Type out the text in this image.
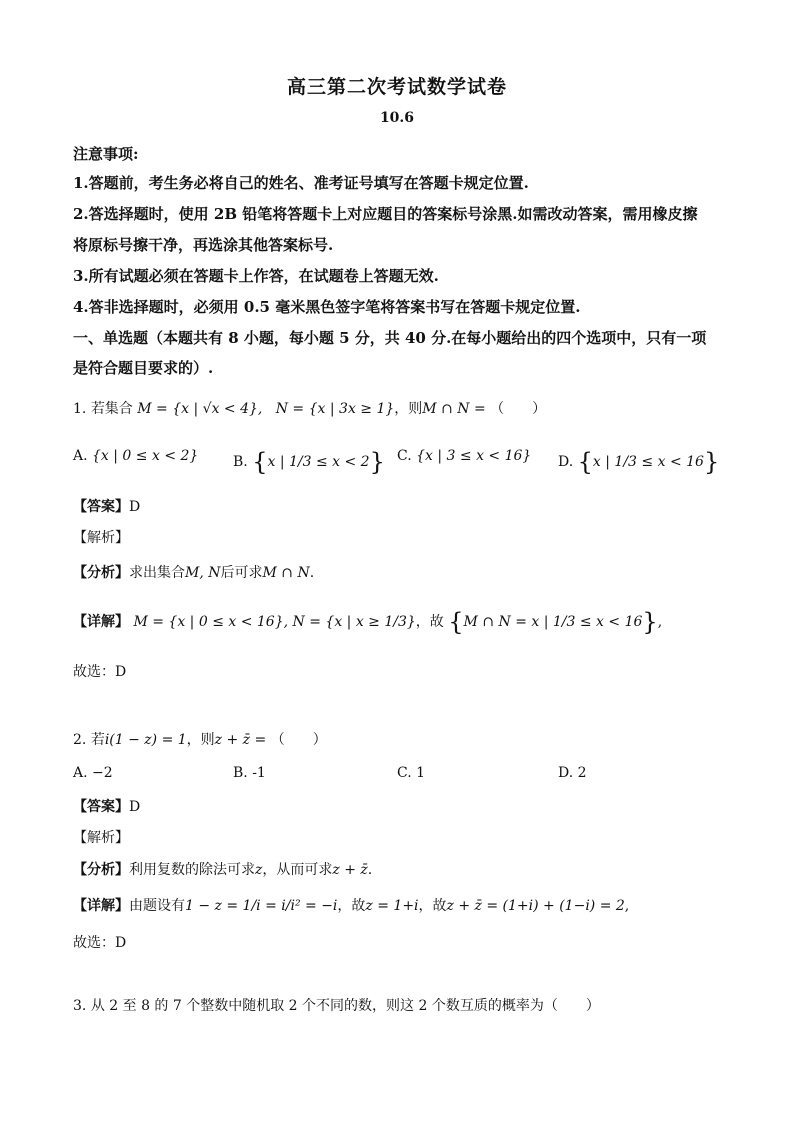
高三第二次考试数学试卷
10.6
注意事项:
1.答题前，考生务必将自己的姓名、准考证号填写在答题卡规定位置.
2.答选择题时，使用 2B 铅笔将答题卡上对应题目的答案标号涂黑.如需改动答案，需用橡皮擦
将原标号擦干净，再选涂其他答案标号.
3.所有试题必须在答题卡上作答，在试题卷上答题无效.
4.答非选择题时，必须用 0.5 毫米黑色签字笔将答案书写在答题卡规定位置.
一、单选题（本题共有 8 小题，每小题 5 分，共 40 分.在每小题给出的四个选项中，只有一项
是符合题目要求的）.
1. 若集合 M = {x | √x < 4}, N = {x | 3x ≥ 1}，则M ∩ N = （　　）
A. {x | 0 ≤ x < 2} B. {x | 1/3 ≤ x < 2} C. {x | 3 ≤ x < 16} D. {x | 1/3 ≤ x < 16}
【答案】D
【解析】
【分析】求出集合M, N后可求M ∩ N.
【详解】 M = {x | 0 ≤ x < 16}, N = {x | x ≥ 1/3}，故 {M ∩ N = x | 1/3 ≤ x < 16},
故选：D
2. 若i(1 − z) = 1，则z + z̄ = （　　）
A. −2	B. -1	C. 1	D. 2
【答案】D
【解析】
【分析】利用复数的除法可求z，从而可求z + z̄.
【详解】由题设有1 − z = 1/i = i/i² = −i，故z = 1+i，故z + z̄ = (1+i) + (1−i) = 2,
故选：D
3. 从 2 至 8 的 7 个整数中随机取 2 个不同的数，则这 2 个数互质的概率为（　　）
